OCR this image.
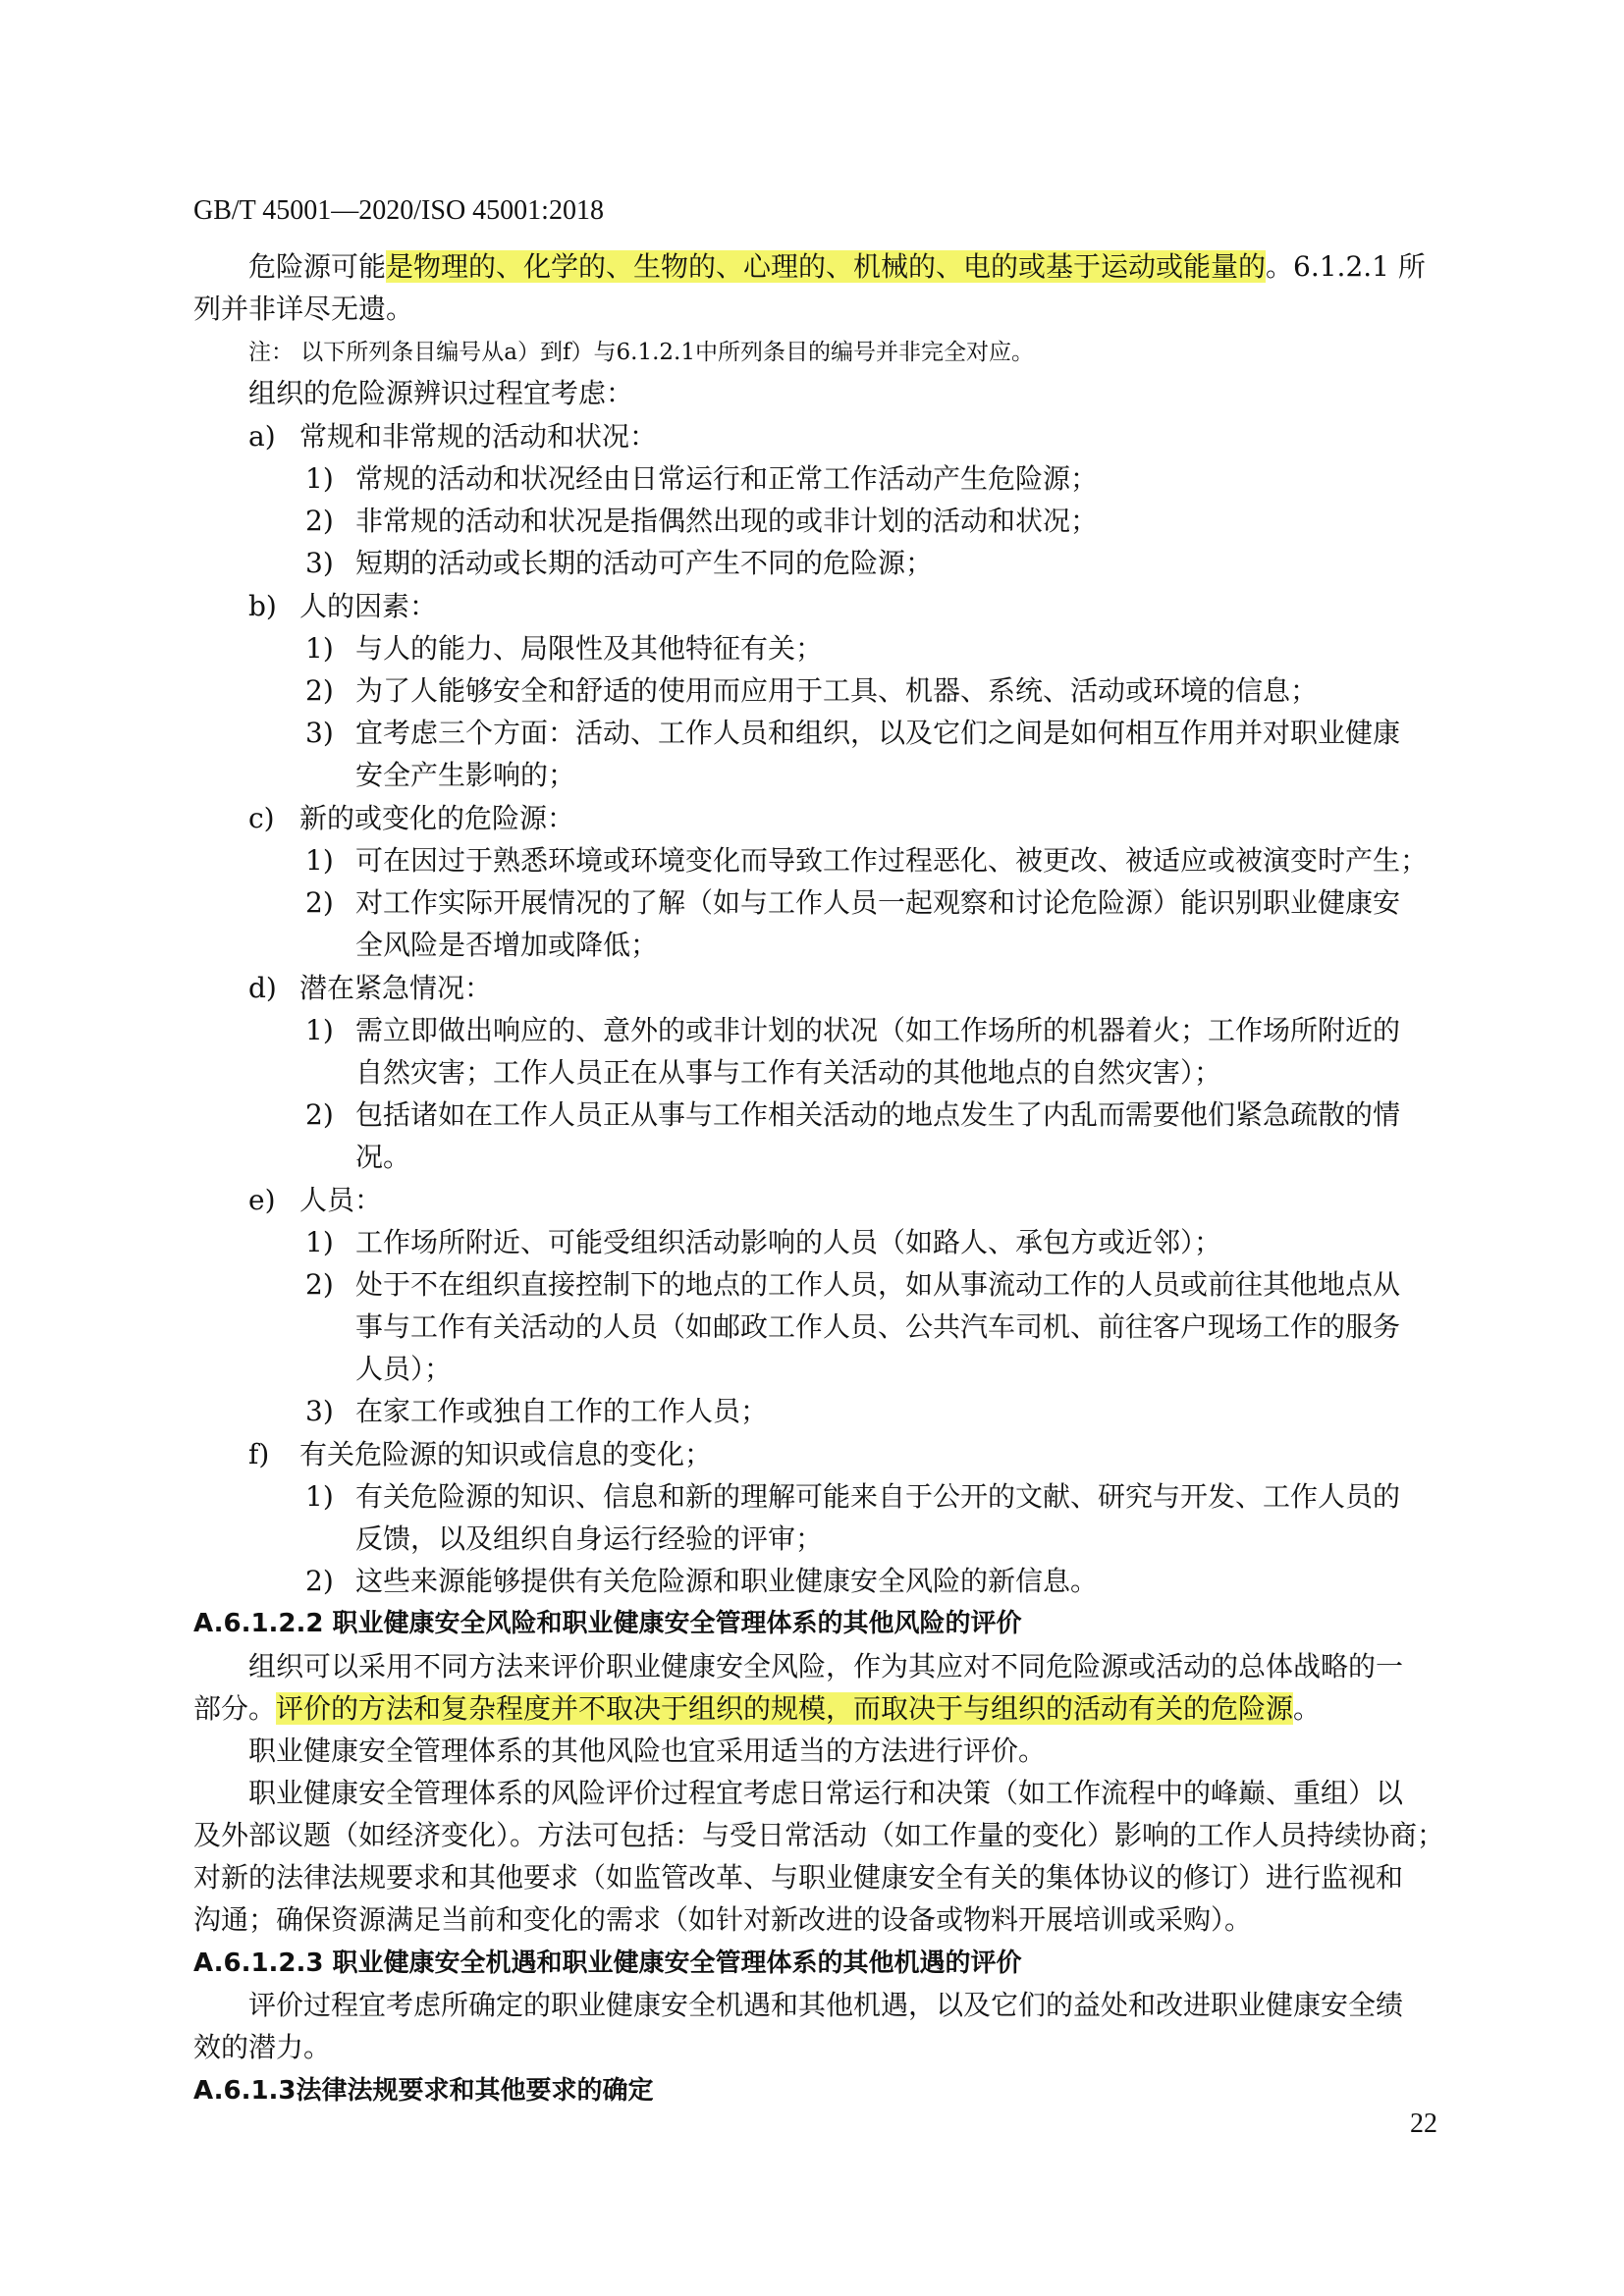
GB/T 45001—2020/ISO 45001:2018
危险源可能是物理的、化学的、生物的、心理的、机械的、电的或基于运动或能量的。6.1.2.1 所
列并非详尽无遗。
注： 以下所列条目编号从a）到f）与6.1.2.1中所列条目的编号并非完全对应。
组织的危险源辨识过程宜考虑：
a) 常规和非常规的活动和状况：
1) 常规的活动和状况经由日常运行和正常工作活动产生危险源；
2) 非常规的活动和状况是指偶然出现的或非计划的活动和状况；
3) 短期的活动或长期的活动可产生不同的危险源；
b) 人的因素：
1) 与人的能力、局限性及其他特征有关；
2) 为了人能够安全和舒适的使用而应用于工具、机器、系统、活动或环境的信息；
3) 宜考虑三个方面：活动、工作人员和组织，以及它们之间是如何相互作用并对职业健康
安全产生影响的；
c) 新的或变化的危险源：
1) 可在因过于熟悉环境或环境变化而导致工作过程恶化、被更改、被适应或被演变时产生；
2) 对工作实际开展情况的了解（如与工作人员一起观察和讨论危险源）能识别职业健康安
全风险是否增加或降低；
d) 潜在紧急情况：
1) 需立即做出响应的、意外的或非计划的状况（如工作场所的机器着火；工作场所附近的
自然灾害；工作人员正在从事与工作有关活动的其他地点的自然灾害）；
2) 包括诸如在工作人员正从事与工作相关活动的地点发生了内乱而需要他们紧急疏散的情
况。
e) 人员：
1) 工作场所附近、可能受组织活动影响的人员（如路人、承包方或近邻）；
2) 处于不在组织直接控制下的地点的工作人员，如从事流动工作的人员或前往其他地点从
事与工作有关活动的人员（如邮政工作人员、公共汽车司机、前往客户现场工作的服务
人员）；
3) 在家工作或独自工作的工作人员；
f) 有关危险源的知识或信息的变化；
1) 有关危险源的知识、信息和新的理解可能来自于公开的文献、研究与开发、工作人员的
反馈，以及组织自身运行经验的评审；
2) 这些来源能够提供有关危险源和职业健康安全风险的新信息。
A.6.1.2.2 职业健康安全风险和职业健康安全管理体系的其他风险的评价
组织可以采用不同方法来评价职业健康安全风险，作为其应对不同危险源或活动的总体战略的一
部分。评价的方法和复杂程度并不取决于组织的规模，而取决于与组织的活动有关的危险源。
职业健康安全管理体系的其他风险也宜采用适当的方法进行评价。
职业健康安全管理体系的风险评价过程宜考虑日常运行和决策（如工作流程中的峰巅、重组）以
及外部议题（如经济变化）。方法可包括：与受日常活动（如工作量的变化）影响的工作人员持续协商；
对新的法律法规要求和其他要求（如监管改革、与职业健康安全有关的集体协议的修订）进行监视和
沟通；确保资源满足当前和变化的需求（如针对新改进的设备或物料开展培训或采购）。
A.6.1.2.3 职业健康安全机遇和职业健康安全管理体系的其他机遇的评价
评价过程宜考虑所确定的职业健康安全机遇和其他机遇，以及它们的益处和改进职业健康安全绩
效的潜力。
A.6.1.3法律法规要求和其他要求的确定
22
